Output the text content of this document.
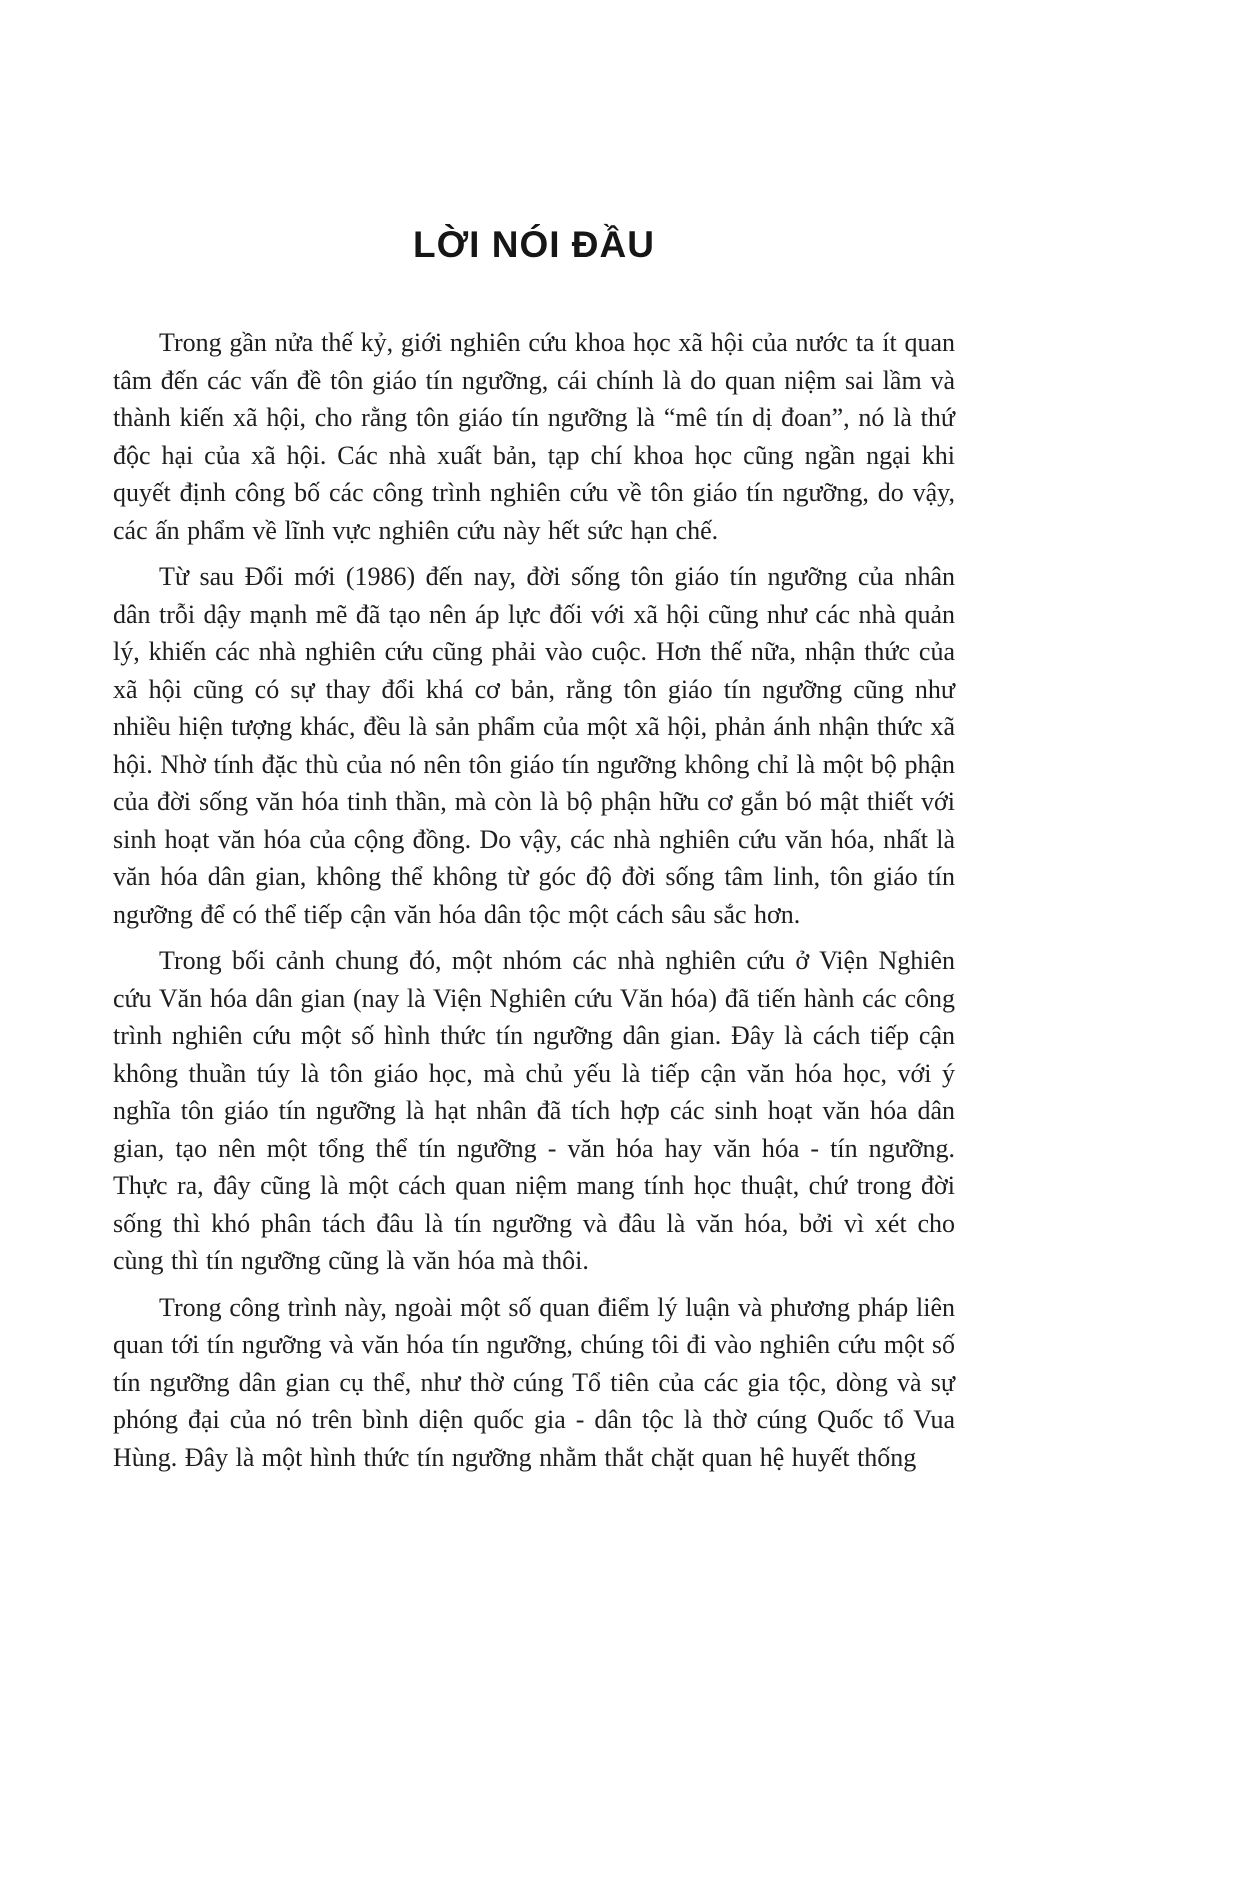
LỜI NÓI ĐẦU

Trong gần nửa thế kỷ, giới nghiên cứu khoa học xã hội của nước ta ít quan tâm đến các vấn đề tôn giáo tín ngưỡng, cái chính là do quan niệm sai lầm và thành kiến xã hội, cho rằng tôn giáo tín ngưỡng là “mê tín dị đoan”, nó là thứ độc hại của xã hội. Các nhà xuất bản, tạp chí khoa học cũng ngần ngại khi quyết định công bố các công trình nghiên cứu về tôn giáo tín ngưỡng, do vậy, các ấn phẩm về lĩnh vực nghiên cứu này hết sức hạn chế.

Từ sau Đổi mới (1986) đến nay, đời sống tôn giáo tín ngưỡng của nhân dân trỗi dậy mạnh mẽ đã tạo nên áp lực đối với xã hội cũng như các nhà quản lý, khiến các nhà nghiên cứu cũng phải vào cuộc. Hơn thế nữa, nhận thức của xã hội cũng có sự thay đổi khá cơ bản, rằng tôn giáo tín ngưỡng cũng như nhiều hiện tượng khác, đều là sản phẩm của một xã hội, phản ánh nhận thức xã hội. Nhờ tính đặc thù của nó nên tôn giáo tín ngưỡng không chỉ là một bộ phận của đời sống văn hóa tinh thần, mà còn là bộ phận hữu cơ gắn bó mật thiết với sinh hoạt văn hóa của cộng đồng. Do vậy, các nhà nghiên cứu văn hóa, nhất là văn hóa dân gian, không thể không từ góc độ đời sống tâm linh, tôn giáo tín ngưỡng để có thể tiếp cận văn hóa dân tộc một cách sâu sắc hơn.

Trong bối cảnh chung đó, một nhóm các nhà nghiên cứu ở Viện Nghiên cứu Văn hóa dân gian (nay là Viện Nghiên cứu Văn hóa) đã tiến hành các công trình nghiên cứu một số hình thức tín ngưỡng dân gian. Đây là cách tiếp cận không thuần túy là tôn giáo học, mà chủ yếu là tiếp cận văn hóa học, với ý nghĩa tôn giáo tín ngưỡng là hạt nhân đã tích hợp các sinh hoạt văn hóa dân gian, tạo nên một tổng thể tín ngưỡng - văn hóa hay văn hóa - tín ngưỡng. Thực ra, đây cũng là một cách quan niệm mang tính học thuật, chứ trong đời sống thì khó phân tách đâu là tín ngưỡng và đâu là văn hóa, bởi vì xét cho cùng thì tín ngưỡng cũng là văn hóa mà thôi.

Trong công trình này, ngoài một số quan điểm lý luận và phương pháp liên quan tới tín ngưỡng và văn hóa tín ngưỡng, chúng tôi đi vào nghiên cứu một số tín ngưỡng dân gian cụ thể, như thờ cúng Tổ tiên của các gia tộc, dòng và sự phóng đại của nó trên bình diện quốc gia - dân tộc là thờ cúng Quốc tổ Vua Hùng. Đây là một hình thức tín ngưỡng nhằm thắt chặt quan hệ huyết thống
